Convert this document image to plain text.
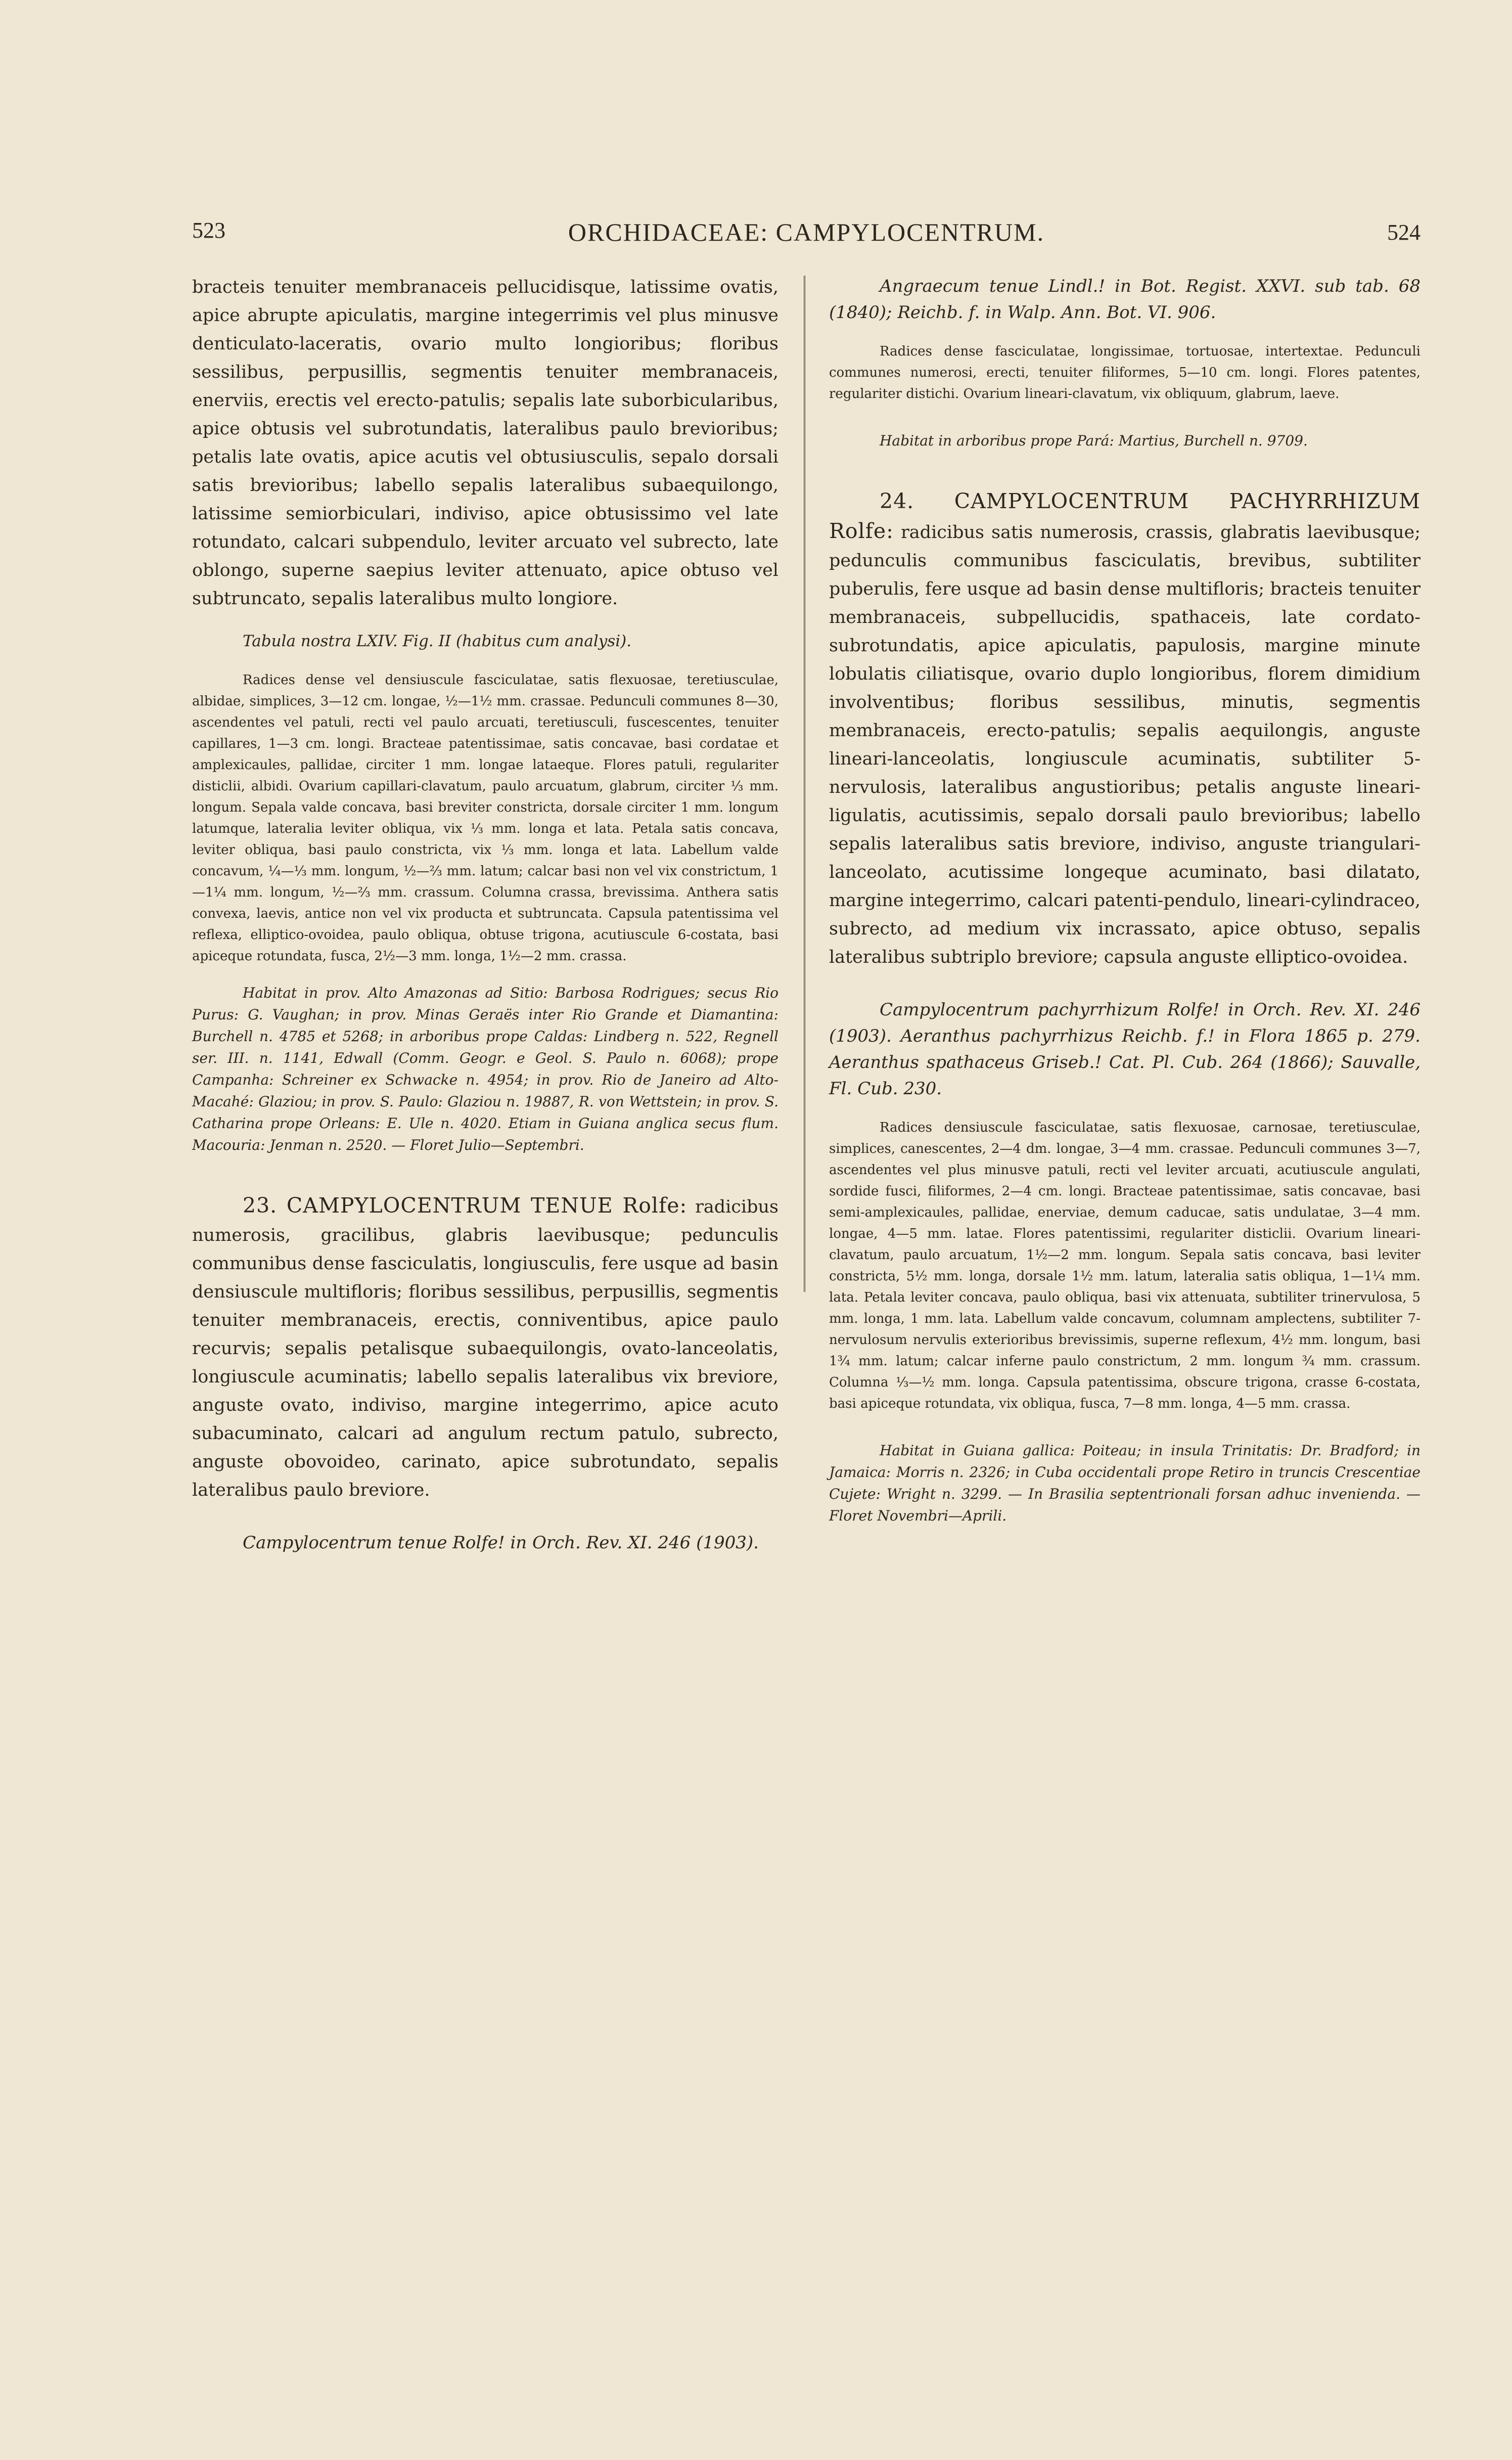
523	ORCHIDACEAE: CAMPYLOCENTRUM.	524

bracteis tenuiter membranaceis pellucidisque, latissime ovatis, apice abrupte apiculatis, margine integerrimis vel plus minusve denticulato-laceratis, ovario multo longioribus; floribus sessilibus, perpusillis, segmentis tenuiter membranaceis, enerviis, erectis vel erecto-patulis; sepalis late suborbicularibus, apice obtusis vel subrotundatis, lateralibus paulo brevioribus; petalis late ovatis, apice acutis vel obtusiusculis, sepalo dorsali satis brevioribus; labello sepalis lateralibus subaequilongo, latissime semiorbiculari, indiviso, apice obtusissimo vel late rotundato, calcari subpendulo, leviter arcuato vel subrecto, late oblongo, superne saepius leviter attenuato, apice obtuso vel subtruncato, sepalis lateralibus multo longiore.

Tabula nostra LXIV. Fig. II (habitus cum analysi).

Radices dense vel densiuscule fasciculatae, satis flexuosae, teretiusculae, albidae, simplices, 3—12 cm. longae, ½—1½ mm. crassae. Pedunculi communes 8—30, ascendentes vel patuli, recti vel paulo arcuati, teretiusculi, fuscescentes, tenuiter capillares, 1—3 cm. longi. Bracteae patentissimae, satis concavae, basi cordatae et amplexicaules, pallidae, circiter 1 mm. longae lataeque. Flores patuli, regulariter disticlii, albidi. Ovarium capillari-clavatum, paulo arcuatum, glabrum, circiter ⅓ mm. longum. Sepala valde concava, basi breviter constricta, dorsale circiter 1 mm. longum latumque, lateralia leviter obliqua, vix ⅓ mm. longa et lata. Petala satis concava, leviter obliqua, basi paulo constricta, vix ⅓ mm. longa et lata. Labellum valde concavum, ¼—⅓ mm. longum, ½—⅔ mm. latum; calcar basi non vel vix constrictum, 1—1¼ mm. longum, ½—⅔ mm. crassum. Columna crassa, brevissima. Anthera satis convexa, laevis, antice non vel vix producta et subtruncata. Capsula patentissima vel reflexa, elliptico-ovoidea, paulo obliqua, obtuse trigona, acutiuscule 6-costata, basi apiceque rotundata, fusca, 2½—3 mm. longa, 1½—2 mm. crassa.

Habitat in prov. Alto Amazonas ad Sitio: Barbosa Rodrigues; secus Rio Purus: G. Vaughan; in prov. Minas Geraës inter Rio Grande et Diamantina: Burchell n. 4785 et 5268; in arboribus prope Caldas: Lindberg n. 522, Regnell ser. III. n. 1141, Edwall (Comm. Geogr. e Geol. S. Paulo n. 6068); prope Campanha: Schreiner ex Schwacke n. 4954; in prov. Rio de Janeiro ad Alto-Macahé: Glaziou; in prov. S. Paulo: Glaziou n. 19887, R. von Wettstein; in prov. S. Catharina prope Orleans: E. Ule n. 4020. Etiam in Guiana anglica secus flum. Macouria: Jenman n. 2520. — Floret Julio—Septembri.

23. CAMPYLOCENTRUM TENUE Rolfe: radicibus numerosis, gracilibus, glabris laevibusque; pedunculis communibus dense fasciculatis, longiusculis, fere usque ad basin densiuscule multifloris; floribus sessilibus, perpusillis, segmentis tenuiter membranaceis, erectis, conniventibus, apice paulo recurvis; sepalis petalisque subaequilongis, ovato-lanceolatis, longiuscule acuminatis; labello sepalis lateralibus vix breviore, anguste ovato, indiviso, margine integerrimo, apice acuto subacuminato, calcari ad angulum rectum patulo, subrecto, anguste obovoideo, carinato, apice subrotundato, sepalis lateralibus paulo breviore.

Campylocentrum tenue Rolfe! in Orch. Rev. XI. 246 (1903).

Angraecum tenue Lindl.! in Bot. Regist. XXVI. sub tab. 68 (1840); Reichb. f. in Walp. Ann. Bot. VI. 906.

Radices dense fasciculatae, longissimae, tortuosae, intertextae. Pedunculi communes numerosi, erecti, tenuiter filiformes, 5—10 cm. longi. Flores patentes, regulariter distichi. Ovarium lineari-clavatum, vix obliquum, glabrum, laeve.

Habitat in arboribus prope Pará: Martius, Burchell n. 9709.

24. CAMPYLOCENTRUM PACHYRRHIZUM Rolfe: radicibus satis numerosis, crassis, glabratis laevibusque; pedunculis communibus fasciculatis, brevibus, subtiliter puberulis, fere usque ad basin dense multifloris; bracteis tenuiter membranaceis, subpellucidis, spathaceis, late cordato-subrotundatis, apice apiculatis, papulosis, margine minute lobulatis ciliatisque, ovario duplo longioribus, florem dimidium involventibus; floribus sessilibus, minutis, segmentis membranaceis, erecto-patulis; sepalis aequilongis, anguste lineari-lanceolatis, longiuscule acuminatis, subtiliter 5-nervulosis, lateralibus angustioribus; petalis anguste lineari-ligulatis, acutissimis, sepalo dorsali paulo brevioribus; labello sepalis lateralibus satis breviore, indiviso, anguste triangulari-lanceolato, acutissime longeque acuminato, basi dilatato, margine integerrimo, calcari patenti-pendulo, lineari-cylindraceo, subrecto, ad medium vix incrassato, apice obtuso, sepalis lateralibus subtriplo breviore; capsula anguste elliptico-ovoidea.

Campylocentrum pachyrrhizum Rolfe! in Orch. Rev. XI. 246 (1903). Aeranthus pachyrrhizus Reichb. f.! in Flora 1865 p. 279. Aeranthus spathaceus Griseb.! Cat. Pl. Cub. 264 (1866); Sauvalle, Fl. Cub. 230.

Radices densiuscule fasciculatae, satis flexuosae, carnosae, teretiusculae, simplices, canescentes, 2—4 dm. longae, 3—4 mm. crassae. Pedunculi communes 3—7, ascendentes vel plus minusve patuli, recti vel leviter arcuati, acutiuscule angulati, sordide fusci, filiformes, 2—4 cm. longi. Bracteae patentissimae, satis concavae, basi semi-amplexicaules, pallidae, enerviae, demum caducae, satis undulatae, 3—4 mm. longae, 4—5 mm. latae. Flores patentissimi, regulariter disticlii. Ovarium lineari-clavatum, paulo arcuatum, 1½—2 mm. longum. Sepala satis concava, basi leviter constricta, 5½ mm. longa, dorsale 1½ mm. latum, lateralia satis obliqua, 1—1¼ mm. lata. Petala leviter concava, paulo obliqua, basi vix attenuata, subtiliter trinervulosa, 5 mm. longa, 1 mm. lata. Labellum valde concavum, columnam amplectens, subtiliter 7-nervulosum nervulis exterioribus brevissimis, superne reflexum, 4½ mm. longum, basi 1¾ mm. latum; calcar inferne paulo constrictum, 2 mm. longum ¾ mm. crassum. Columna ⅓—½ mm. longa. Capsula patentissima, obscure trigona, crasse 6-costata, basi apiceque rotundata, vix obliqua, fusca, 7—8 mm. longa, 4—5 mm. crassa.

Habitat in Guiana gallica: Poiteau; in insula Trinitatis: Dr. Bradford; in Jamaica: Morris n. 2326; in Cuba occidentali prope Retiro in truncis Crescentiae Cujete: Wright n. 3299. — In Brasilia septentrionali forsan adhuc invenienda. — Floret Novembri—Aprili.
